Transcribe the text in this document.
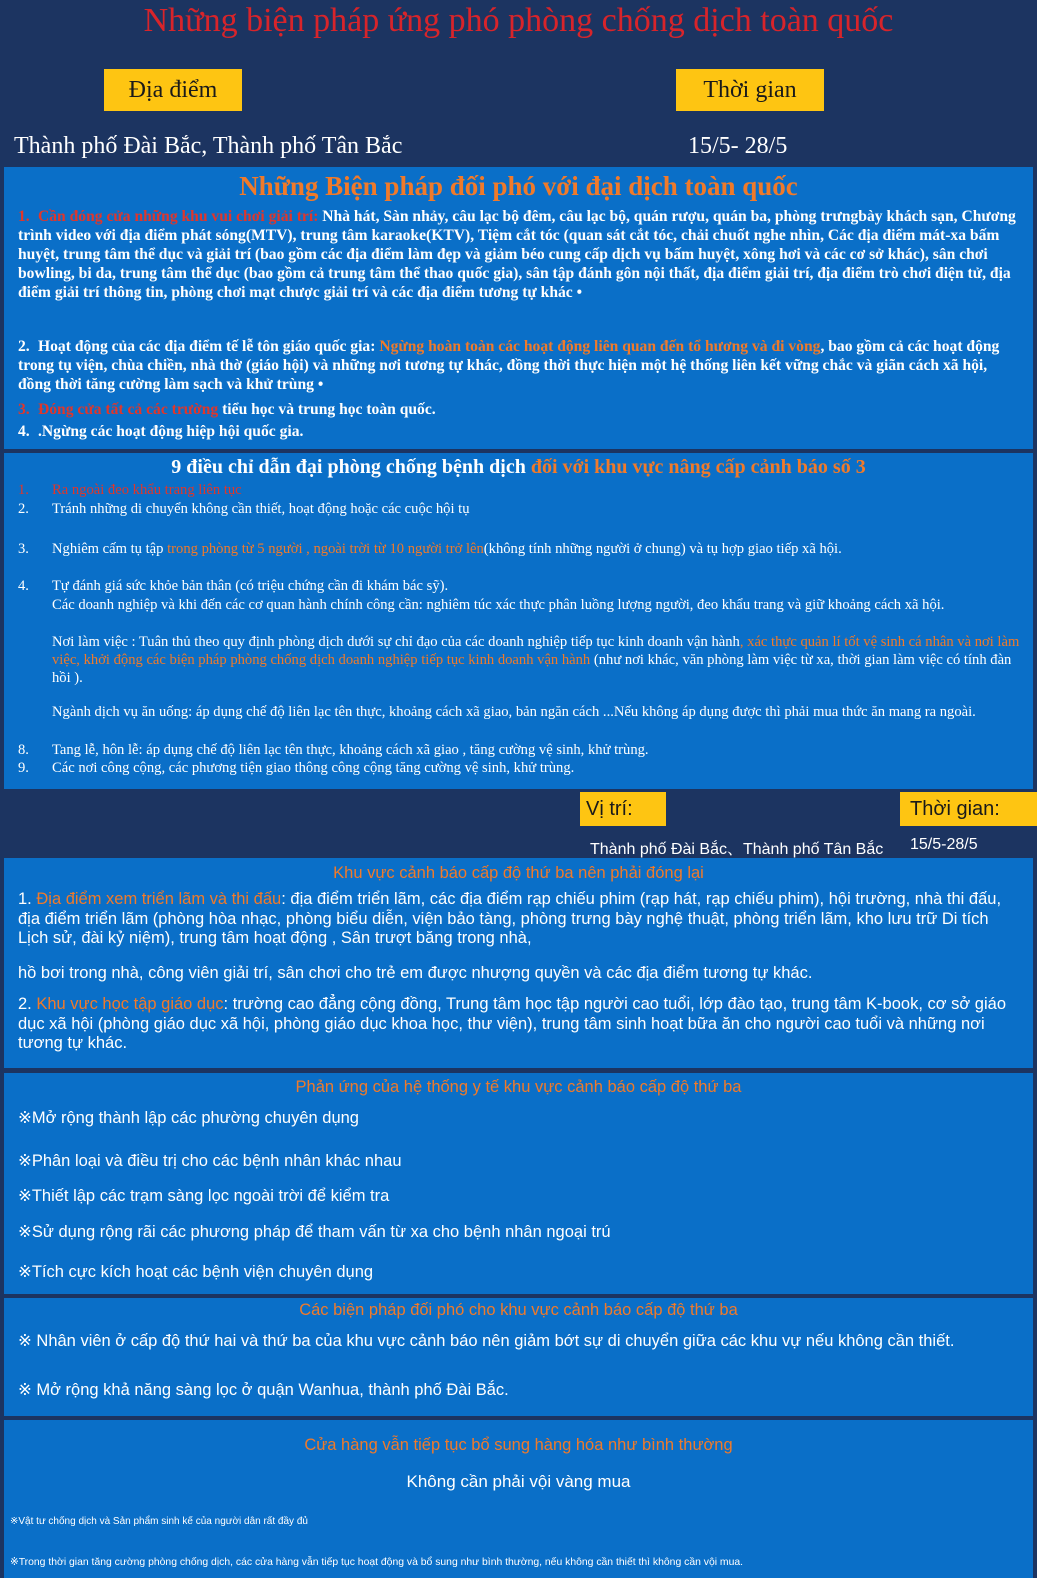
Những biện pháp ứng phó phòng chống dịch toàn quốc
Địa điểm	Thời gian
Thành phố Đài Bắc, Thành phố Tân Bắc	15/5- 28/5
Những Biện pháp đối phó với đại dịch toàn quốc
1. Cần đóng cửa những khu vui chơi giải trí: Nhà hát, Sàn nhảy, câu lạc bộ đêm, câu lạc bộ, quán rượu, quán ba, phòng trưngbày khách sạn, Chương trình video với địa điểm phát sóng(MTV), trung tâm karaoke(KTV), Tiệm cắt tóc (quan sát cắt tóc, chải chuốt nghe nhìn, Các địa điểm mát-xa bấm huyệt, trung tâm thể dục và giải trí (bao gồm các địa điểm làm đẹp và giảm béo cung cấp dịch vụ bấm huyệt, xông hơi và các cơ sở khác), sân chơi bowling, bi da, trung tâm thể dục (bao gồm cả trung tâm thể thao quốc gia), sân tập đánh gôn nội thất, địa điểm giải trí, địa điểm trò chơi điện tử, địa điểm giải trí thông tin, phòng chơi mạt chược giải trí và các địa điểm tương tự khác •
2. Hoạt động của các địa điểm tế lễ tôn giáo quốc gia: Ngừng hoàn toàn các hoạt động liên quan đến tổ hương và đi vòng, bao gồm cả các hoạt động trong tụ viện, chùa chiền, nhà thờ (giáo hội) và những nơi tương tự khác, đồng thời thực hiện một hệ thống liên kết vững chắc và giãn cách xã hội, đồng thời tăng cường làm sạch và khử trùng •
3. Đóng cửa tất cả các trường tiểu học và trung học toàn quốc.
4. .Ngừng các hoạt động hiệp hội quốc gia.
9 điều chỉ dẫn đại phòng chống bệnh dịch đối với khu vực nâng cấp cảnh báo số 3
1. Ra ngoài đeo khẩu trang liên tục
2. Tránh những di chuyển không cần thiết, hoạt động hoặc các cuộc hội tụ
3. Nghiêm cấm tụ tập trong phòng từ 5 người , ngoài trời từ 10 người trở lên(không tính những người ở chung) và tụ hợp giao tiếp xã hội.
4. Tự đánh giá sức khỏe bản thân (có triệu chứng cần đi khám bác sỹ).
Các doanh nghiệp và khi đến các cơ quan hành chính công cần: nghiêm túc xác thực phân luồng lượng người, đeo khẩu trang và giữ khoảng cách xã hội.
Nơi làm việc : Tuân thủ theo quy định phòng dịch dưới sự chỉ đạo của các doanh nghiệp tiếp tục kinh doanh vận hành, xác thực quản lí tốt vệ sinh cá nhân và nơi làm việc, khởi động các biện pháp phòng chống dịch doanh nghiệp tiếp tục kinh doanh vận hành (như nơi khác, văn phòng làm việc từ xa, thời gian làm việc có tính đàn hồi ).
Ngành dịch vụ ăn uống: áp dụng chế độ liên lạc tên thực, khoảng cách xã giao, bản ngăn cách ...Nếu không áp dụng được thì phải mua thức ăn mang ra ngoài.
8. Tang lễ, hôn lễ: áp dụng chế độ liên lạc tên thực, khoảng cách xã giao , tăng cường vệ sinh, khử trùng.
9. Các nơi công cộng, các phương tiện giao thông công cộng tăng cường vệ sinh, khử trùng.
Vị trí:	Thời gian:
Thành phố Đài Bắc、Thành phố Tân Bắc 15/5-28/5
Khu vực cảnh báo cấp độ thứ ba nên phải đóng lại
1. Địa điểm xem triển lãm và thi đấu: địa điểm triển lãm, các địa điểm rạp chiếu phim (rạp hát, rạp chiếu phim), hội trường, nhà thi đấu, địa điểm triển lãm (phòng hòa nhạc, phòng biểu diễn, viện bảo tàng, phòng trưng bày nghệ thuật, phòng triển lãm, kho lưu trữ Di tích Lịch sử, đài kỷ niệm), trung tâm hoạt động , Sân trượt băng trong nhà,
hồ bơi trong nhà, công viên giải trí, sân chơi cho trẻ em được nhượng quyền và các địa điểm tương tự khác.
2. Khu vực học tập giáo dục: trường cao đẳng cộng đồng, Trung tâm học tập người cao tuổi, lớp đào tạo, trung tâm K-book, cơ sở giáo dục xã hội (phòng giáo dục xã hội, phòng giáo dục khoa học, thư viện), trung tâm sinh hoạt bữa ăn cho người cao tuổi và những nơi tương tự khác.
Phản ứng của hệ thống y tế khu vực cảnh báo cấp độ thứ ba
※Mở rộng thành lập các phường chuyên dụng
※Phân loại và điều trị cho các bệnh nhân khác nhau
※Thiết lập các trạm sàng lọc ngoài trời để kiểm tra
※Sử dụng rộng rãi các phương pháp để tham vấn từ xa cho bệnh nhân ngoại trú
※Tích cực kích hoạt các bệnh viện chuyên dụng
Các biện pháp đối phó cho khu vực cảnh báo cấp độ thứ ba
※ Nhân viên ở cấp độ thứ hai và thứ ba của khu vực cảnh báo nên giảm bớt sự di chuyển giữa các khu vự nếu không cần thiết.
※ Mở rộng khả năng sàng lọc ở quận Wanhua, thành phố Đài Bắc.
Cửa hàng vẫn tiếp tục bổ sung hàng hóa như bình thường
Không cần phải vội vàng mua
※Vật tư chống dịch và Sản phẩm sinh kế của người dân rất đầy đủ
※Trong thời gian tăng cường phòng chống dịch, các cửa hàng vẫn tiếp tục hoạt động và bổ sung như bình thường, nếu không cần thiết thì không cần vội mua.
